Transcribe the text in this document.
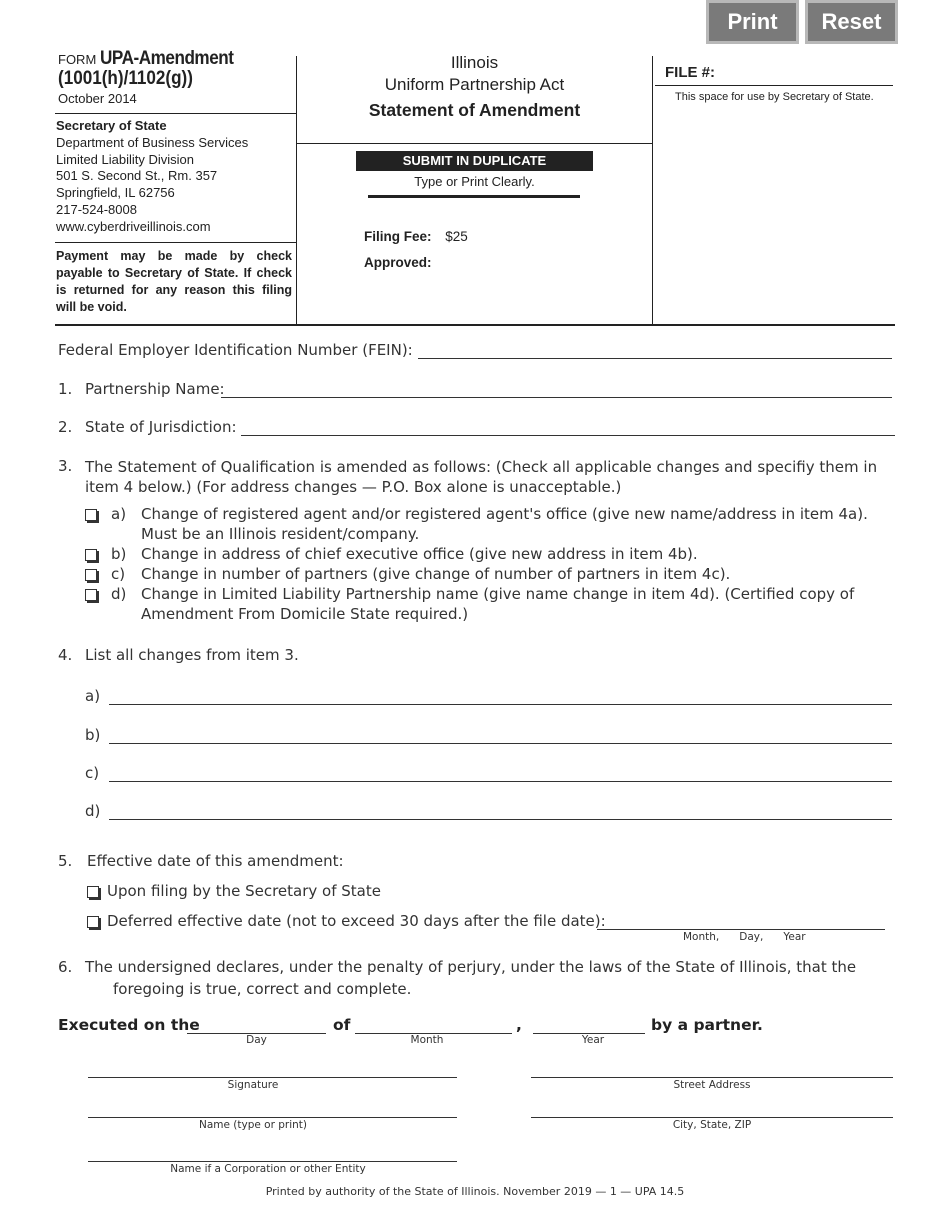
Print	Reset
FORM UPA-Amendment
(1001(h)/1102(g))
October 2014
Secretary of State
Department of Business Services
Limited Liability Division
501 S. Second St., Rm. 357
Springfield, IL 62756
217-524-8008
www.cyberdriveillinois.com
Payment may be made by check payable to Secretary of State. If check is returned for any reason this filing will be void.
Illinois
Uniform Partnership Act
Statement of Amendment
SUBMIT IN DUPLICATE
Type or Print Clearly.
Filing Fee: $25
Approved:
FILE #:
This space for use by Secretary of State.
Federal Employer Identification Number (FEIN):
1. Partnership Name:
2. State of Jurisdiction:
3. The Statement of Qualification is amended as follows: (Check all applicable changes and specifiy them in item 4 below.) (For address changes — P.O. Box alone is unacceptable.)
a) Change of registered agent and/or registered agent's office (give new name/address in item 4a). Must be an Illinois resident/company.
b) Change in address of chief executive office (give new address in item 4b).
c)	Change in number of partners (give change of number of partners in item 4c).
d) Change in Limited Liability Partnership name (give name change in item 4d). (Certified copy of Amendment From Domicile State required.)
4. List all changes from item 3.
a)
b)
c)
d)
5. Effective date of this amendment:
Upon filing by the Secretary of State
Deferred effective date (not to exceed 30 days after the file date):
Month,      Day,      Year
6. The undersigned declares, under the penalty of perjury, under the laws of the State of Illinois, that the
foregoing is true, correct and complete.
Executed on the
Day
of
Month
,
Year
by a partner.
Signature	Street Address
Name (type or print)	City, State, ZIP
Name if a Corporation or other Entity
Printed by authority of the State of Illinois. November 2019 — 1 — UPA 14.5
